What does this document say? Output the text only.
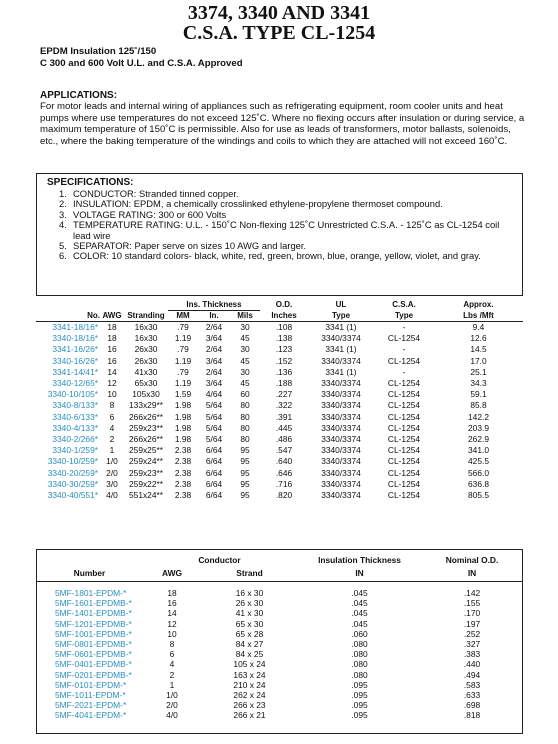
3374, 3340 AND 3341
C.S.A. TYPE CL-1254
EPDM Insulation 125˚/150
C 300 and 600 Volt U.L. and C.S.A. Approved
APPLICATIONS:
For motor leads and internal wiring of appliances such as refrigerating equipment, room cooler units and heat pumps where use temperatures do not exceed 125˚C. Where no flexing occurs after insulation or during service, a maximum temperature of 150˚C is permissible. Also for use as leads of transformers, motor ballasts, solenoids, etc., where the baking temperature of the windings and coils to which they are attached will not exceed 160˚C.
SPECIFICATIONS:
1. CONDUCTOR: Stranded tinned copper.
2. INSULATION: EPDM, a chemically crosslinked ethylene-propylene thermoset compound.
3. VOLTAGE RATING: 300 or 600 Volts
4. TEMPERATURE RATING: U.L. - 150˚C Non-flexing 125˚C Unrestricted C.S.A. - 125˚C as CL-1254 coil lead wire
5. SEPARATOR: Paper serve on sizes 10 AWG and larger.
6. COLOR: 10 standard colors- black, white, red, green, brown, blue, orange, yellow, violet, and gray.
			Ins. Thickness			O.D.	UL	C.S.A.	Approx.
No.	AWG	Stranding	MM	In.	Mils	Inches	Type	Type	Lbs /Mft
3341-18/16*	18	16x30	.79	2/64	30	.108	3341 (1)	-	9.4
3340-18/16*	18	16x30	1.19	3/64	45	.138	3340/3374	CL-1254	12.6
3341-16/26*	16	26x30	.79	2/64	30	.123	3341 (1)	-	14.5
3340-16/26*	16	26x30	1.19	3/64	45	.152	3340/3374	CL-1254	17.0
3341-14/41*	14	41x30	.79	2/64	30	.136	3341 (1)	-	25.1
3340-12/65*	12	65x30	1.19	3/64	45	.188	3340/3374	CL-1254	34.3
3340-10/105*	10	105x30	1.59	4/64	60	.227	3340/3374	CL-1254	59.1
3340-8/133*	8	133x29**	1.98	5/64	80	.322	3340/3374	CL-1254	85.8
3340-6/133*	6	266x26**	1.98	5/64	80	.391	3340/3374	CL-1254	142.2
3340-4/133*	4	259x23**	1.98	5/64	80	.445	3340/3374	CL-1254	203.9
3340-2/266*	2	266x26**	1.98	5/64	80	.486	3340/3374	CL-1254	262.9
3340-1/259*	1	259x25**	2.38	6/64	95	.547	3340/3374	CL-1254	341.0
3340-10/259*	1/0	259x24**	2.38	6/64	95	.640	3340/3374	CL-1254	425.5
3340-20/259*	2/0	259x23**	2.38	6/64	95	.646	3340/3374	CL-1254	566.0
3340-30/259*	3/0	259x22**	2.38	6/64	95	.716	3340/3374	CL-1254	636.8
3340-40/551*	4/0	551x24**	2.38	6/64	95	.820	3340/3374	CL-1254	805.5
	Conductor		Insulation Thickness	Nominal O.D.
Number	AWG	Strand	IN	IN
5MF-1801-EPDM-*	18	16 x 30	.045	.142
5MF-1601-EPDMB-*	16	26 x 30	.045	.155
5MF-1401-EPDMB-*	14	41 x 30	.045	.170
5MF-1201-EPDMB-*	12	65 x 30	.045	.197
5MF-1001-EPDMB-*	10	65 x 28	.060	.252
5MF-0801-EPDMB-*	8	84 x 27	.080	.327
5MF-0601-EPDMB-*	6	84 x 25	.080	.383
5MF-0401-EPDMB-*	4	105 x 24	.080	.440
5MF-0201-EPDMB-*	2	163 x 24	.080	.494
5MF-0101-EPDM-*	1	210 x 24	.095	.583
5MF-1011-EPDM-*	1/0	262 x 24	.095	.633
5MF-2021-EPDM-*	2/0	266 x 23	.095	.698
5MF-4041-EPDM-*	4/0	266 x 21	.095	.818
